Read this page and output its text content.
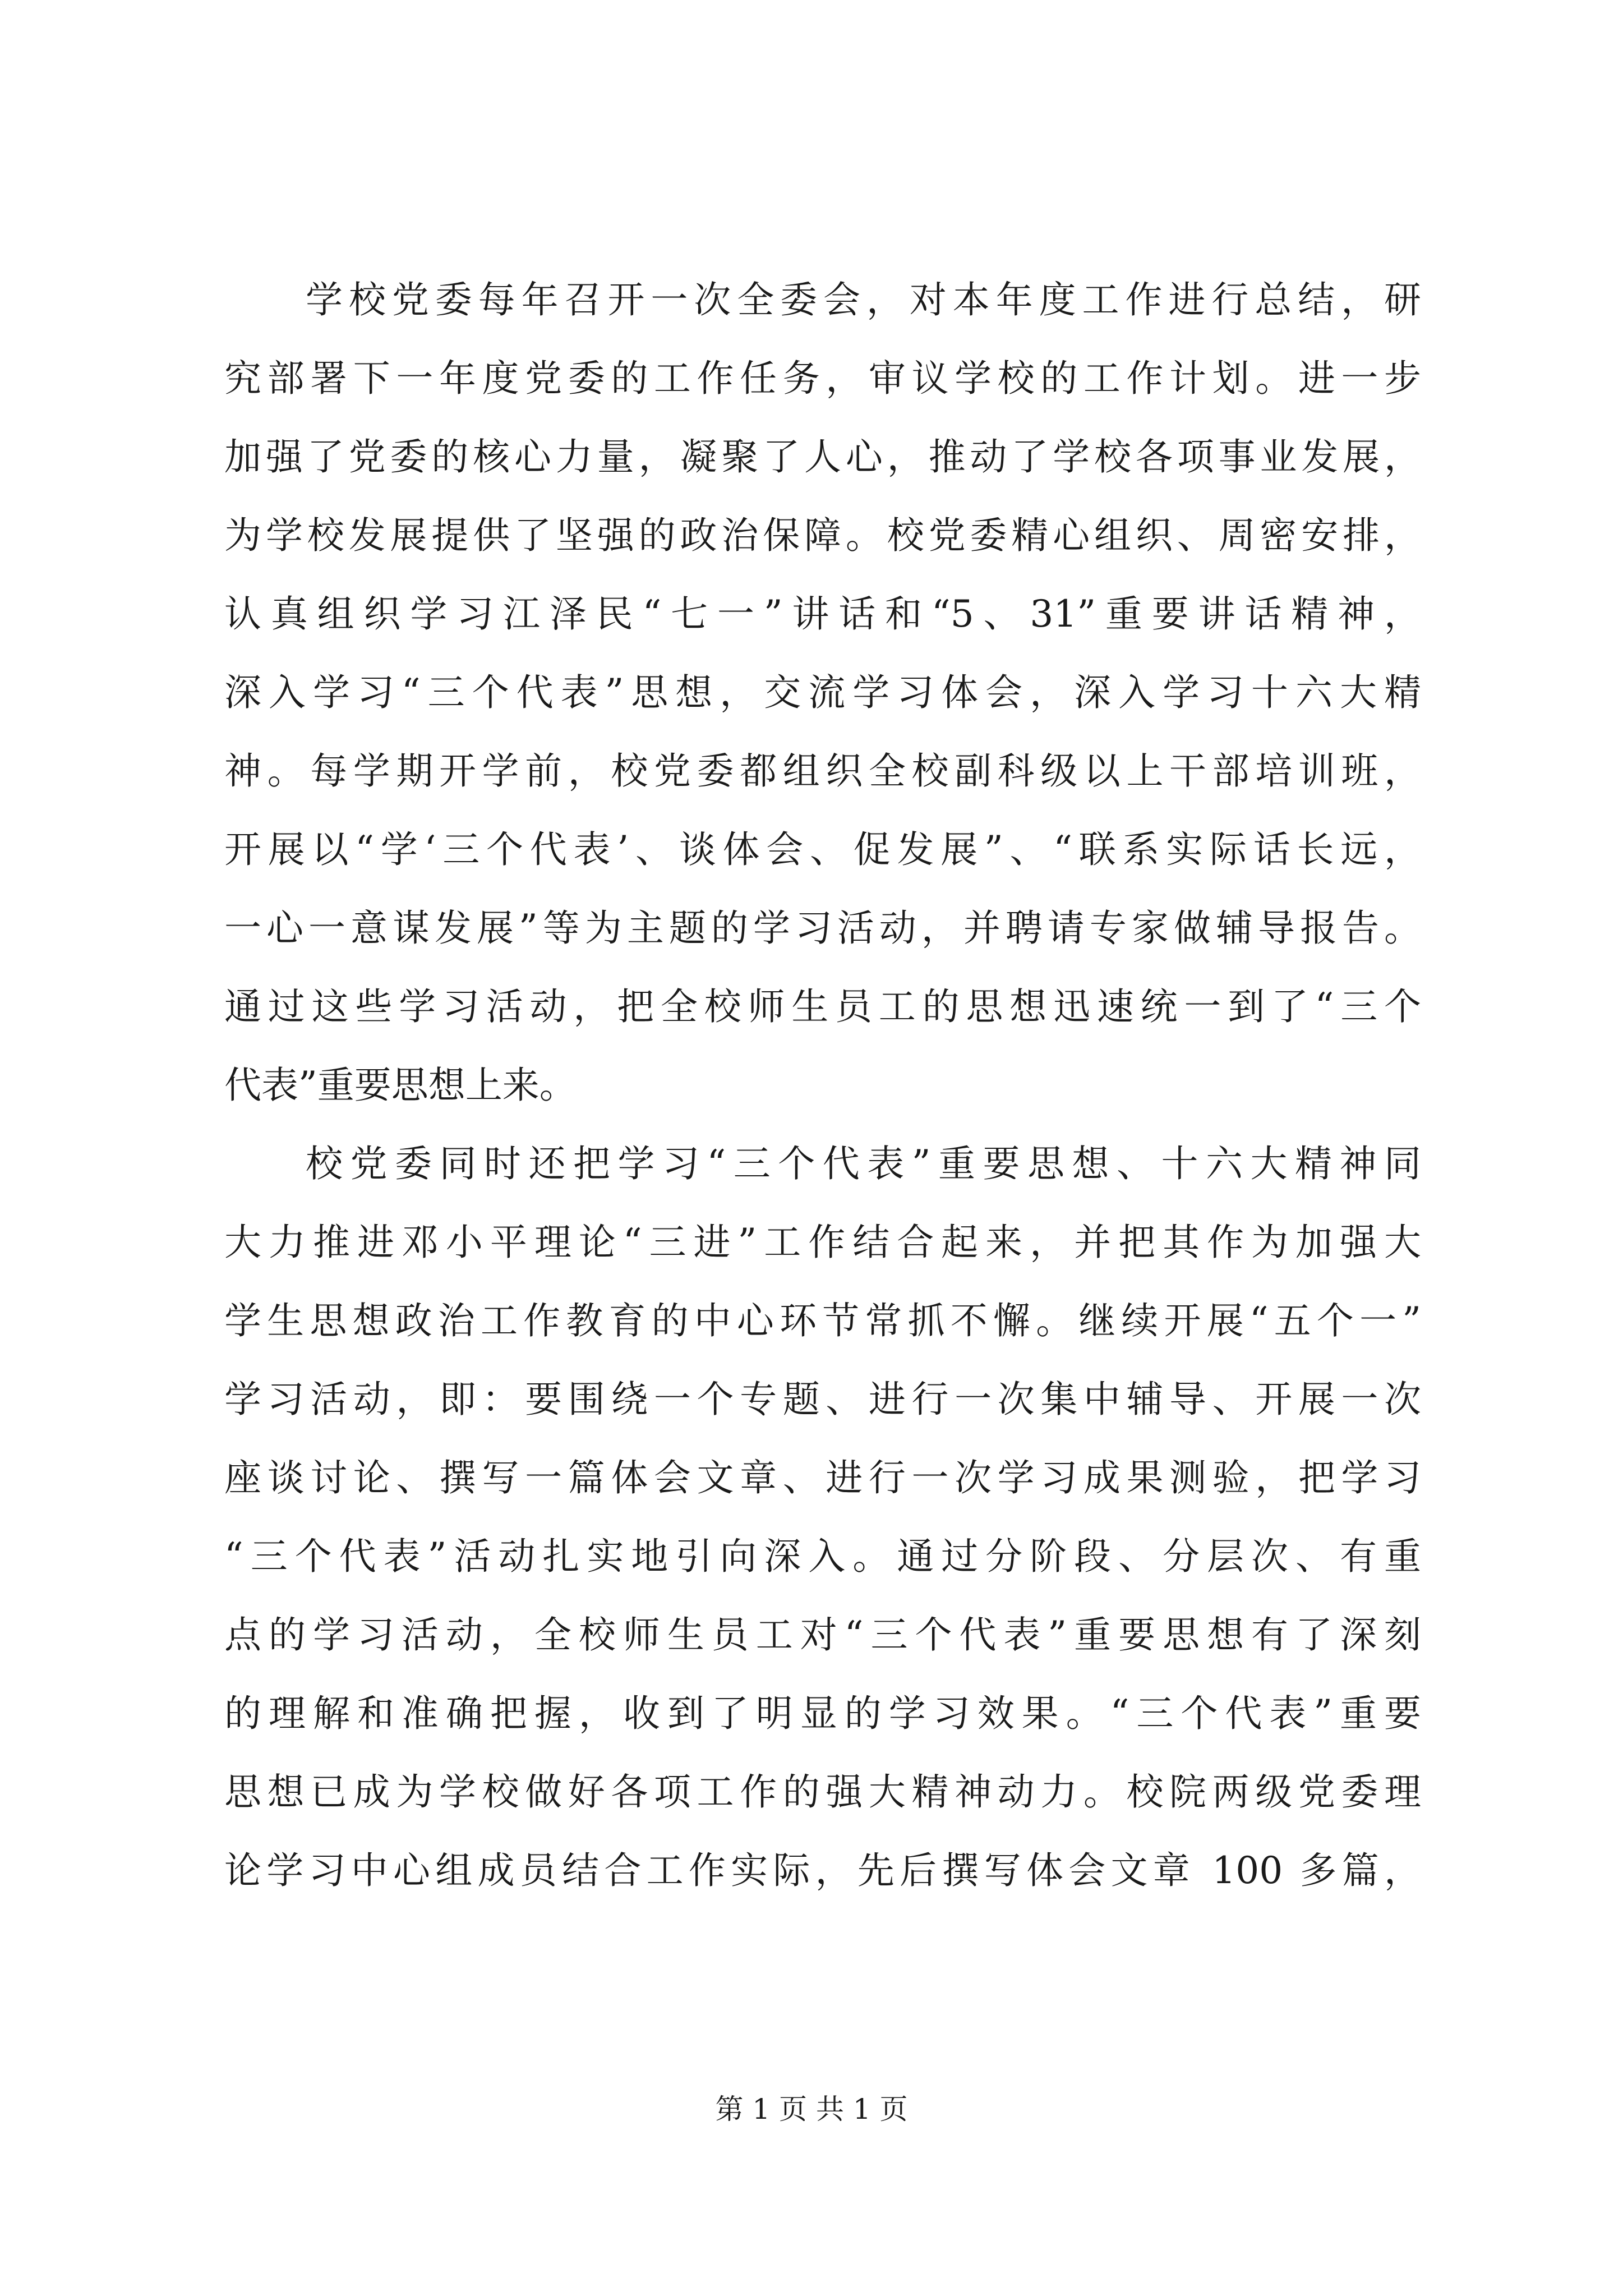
学校党委每年召开一次全委会，对本年度工作进行总结，研
究部署下一年度党委的工作任务，审议学校的工作计划。进一步
加强了党委的核心力量，凝聚了人心，推动了学校各项事业发展，
为学校发展提供了坚强的政治保障。校党委精心组织、周密安排，
认真组织学习江泽民“七一”讲话和“5、31”重要讲话精神，
深入学习“三个代表”思想，交流学习体会，深入学习十六大精
神。每学期开学前，校党委都组织全校副科级以上干部培训班，
开展以“学‘三个代表’、谈体会、促发展”、“联系实际话长远，
一心一意谋发展”等为主题的学习活动，并聘请专家做辅导报告。
通过这些学习活动，把全校师生员工的思想迅速统一到了“三个
代表”重要思想上来。
校党委同时还把学习“三个代表”重要思想、十六大精神同
大力推进邓小平理论“三进”工作结合起来，并把其作为加强大
学生思想政治工作教育的中心环节常抓不懈。继续开展“五个一”
学习活动，即：要围绕一个专题、进行一次集中辅导、开展一次
座谈讨论、撰写一篇体会文章、进行一次学习成果测验，把学习
“三个代表”活动扎实地引向深入。通过分阶段、分层次、有重
点的学习活动，全校师生员工对“三个代表”重要思想有了深刻
的理解和准确把握，收到了明显的学习效果。“三个代表”重要
思想已成为学校做好各项工作的强大精神动力。校院两级党委理
论学习中心组成员结合工作实际，先后撰写体会文章 100 多篇，
第 1 页 共 1 页
